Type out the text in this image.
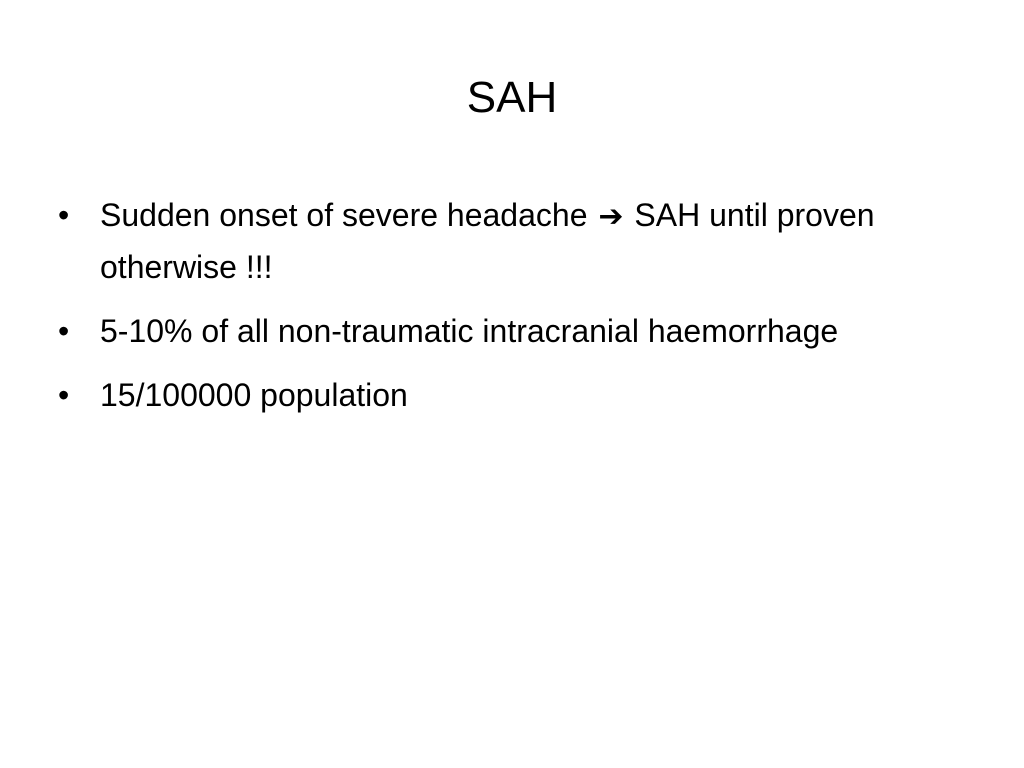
SAH
• Sudden onset of severe headache ➔ SAH until proven otherwise !!!
• 5-10% of all non-traumatic intracranial haemorrhage
• 15/100000 population
